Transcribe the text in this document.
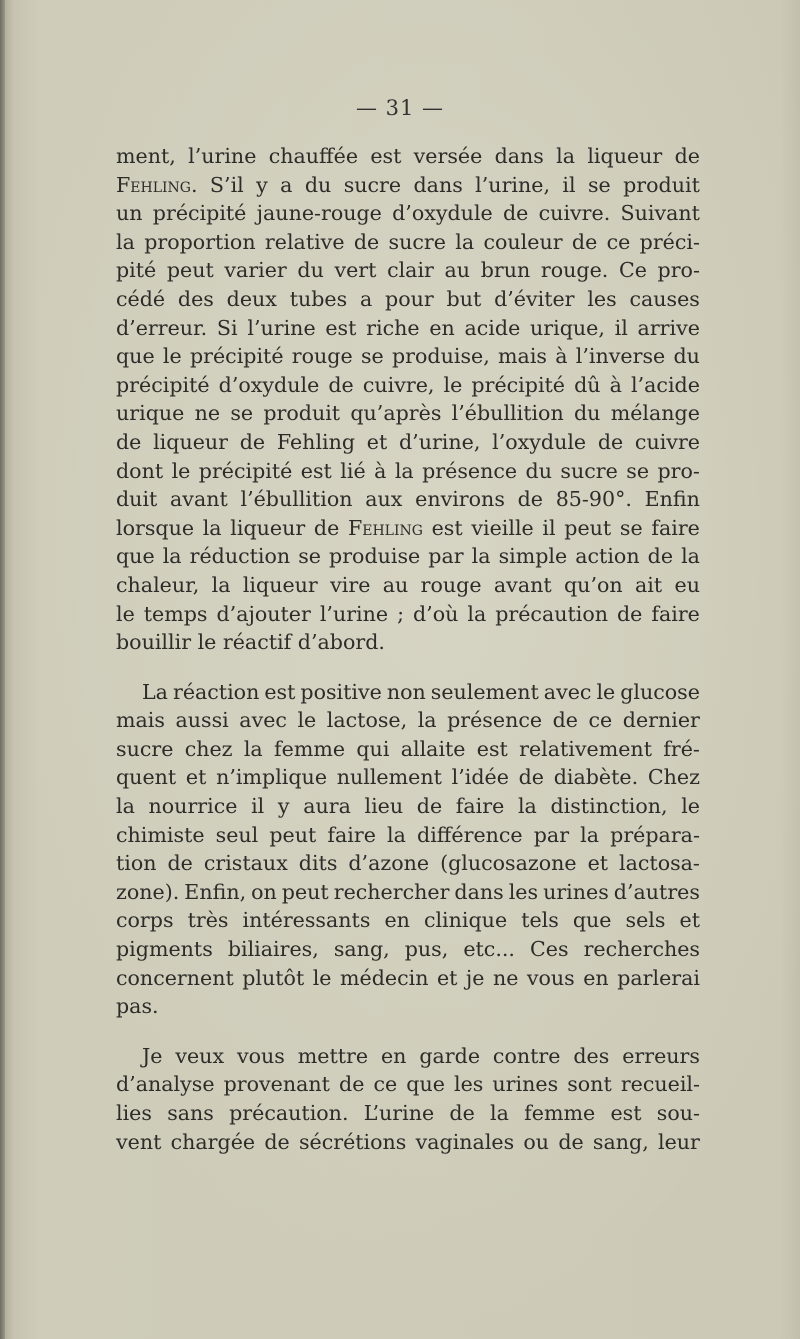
— 31 —
ment, l’urine chauffée est versée dans la liqueur de
Fehling. S’il y a du sucre dans l’urine, il se produit
un précipité jaune-rouge d’oxydule de cuivre. Suivant
la proportion relative de sucre la couleur de ce préci-
pité peut varier du vert clair au brun rouge. Ce pro-
cédé des deux tubes a pour but d’éviter les causes
d’erreur. Si l’urine est riche en acide urique, il arrive
que le précipité rouge se produise, mais à l’inverse du
précipité d’oxydule de cuivre, le précipité dû à l’acide
urique ne se produit qu’après l’ébullition du mélange
de liqueur de Fehling et d’urine, l’oxydule de cuivre
dont le précipité est lié à la présence du sucre se pro-
duit avant l’ébullition aux environs de 85-90°. Enfin
lorsque la liqueur de Fehling est vieille il peut se faire
que la réduction se produise par la simple action de la
chaleur, la liqueur vire au rouge avant qu’on ait eu
le temps d’ajouter l’urine ; d’où la précaution de faire
bouillir le réactif d’abord.
La réaction est positive non seulement avec le glucose
mais aussi avec le lactose, la présence de ce dernier
sucre chez la femme qui allaite est relativement fré-
quent et n’implique nullement l’idée de diabète. Chez
la nourrice il y aura lieu de faire la distinction, le
chimiste seul peut faire la différence par la prépara-
tion de cristaux dits d’azone (glucosazone et lactosa-
zone). Enfin, on peut rechercher dans les urines d’autres
corps très intéressants en clinique tels que sels et
pigments biliaires, sang, pus, etc... Ces recherches
concernent plutôt le médecin et je ne vous en parlerai
pas.
Je veux vous mettre en garde contre des erreurs
d’analyse provenant de ce que les urines sont recueil-
lies sans précaution. L’urine de la femme est sou-
vent chargée de sécrétions vaginales ou de sang, leur
